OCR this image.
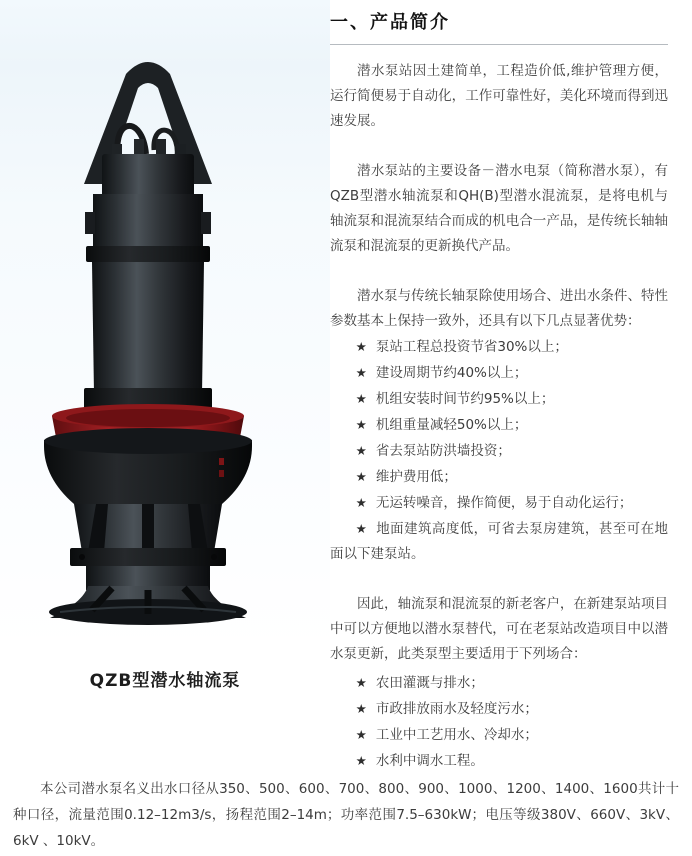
QZB型潜水轴流泵
一、产品简介

潜水泵站因土建简单，工程造价低,维护管理方便，运行简便易于自动化，工作可靠性好，美化环境而得到迅速发展。

潜水泵站的主要设备－潜水电泵（简称潜水泵），有QZB型潜水轴流泵和QH(B)型潜水混流泵，是将电机与轴流泵和混流泵结合而成的机电合一产品，是传统长轴轴流泵和混流泵的更新换代产品。

潜水泵与传统长轴泵除使用场合、进出水条件、特性参数基本上保持一致外，还具有以下几点显著优势：

★ 泵站工程总投资节省30%以上；

★ 建设周期节约40%以上；

★ 机组安装时间节约95%以上；

★ 机组重量减轻50%以上；

★ 省去泵站防洪墙投资；

★ 维护费用低；

★ 无运转噪音，操作简便，易于自动化运行；

★ 地面建筑高度低，可省去泵房建筑，甚至可在地面以下建泵站。

因此，轴流泵和混流泵的新老客户，在新建泵站项目中可以方便地以潜水泵替代，可在老泵站改造项目中以潜水泵更新，此类泵型主要适用于下列场合：

★ 农田灌溉与排水；

★ 市政排放雨水及轻度污水；

★ 工业中工艺用水、冷却水；

★ 水利中调水工程。

本公司潜水泵名义出水口径从350、500、600、700、800、900、1000、1200、1400、1600共计十种口径，流量范围0.12–12m3/s，扬程范围2–14m；功率范围7.5–630kW；电压等级380V、660V、3kV、6kV 、10kV。
